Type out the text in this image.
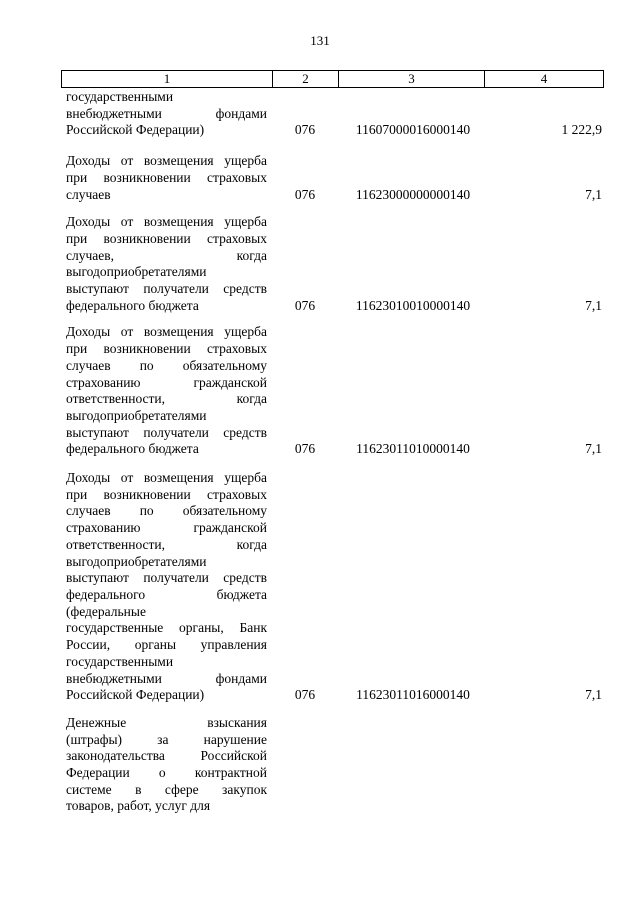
131
1	2	3	4
государственными
внебюджетными фондами
Российской Федерации)	076	11607000016000140	1 222,9
Доходы от возмещения ущерба
при возникновении страховых
случаев	076	11623000000000140	7,1
Доходы от возмещения ущерба
при возникновении страховых
случаев, когда
выгодоприобретателями
выступают получатели средств
федерального бюджета	076	11623010010000140	7,1
Доходы от возмещения ущерба
при возникновении страховых
случаев по обязательному
страхованию гражданской
ответственности, когда
выгодоприобретателями
выступают получатели средств
федерального бюджета	076	11623011010000140	7,1
Доходы от возмещения ущерба
при возникновении страховых
случаев по обязательному
страхованию гражданской
ответственности, когда
выгодоприобретателями
выступают получатели средств
федерального бюджета
(федеральные
государственные органы, Банк
России, органы управления
государственными
внебюджетными фондами
Российской Федерации)	076	11623011016000140	7,1
Денежные взыскания
(штрафы) за нарушение
законодательства Российской
Федерации о контрактной
системе в сфере закупок
товаров, работ, услуг для
